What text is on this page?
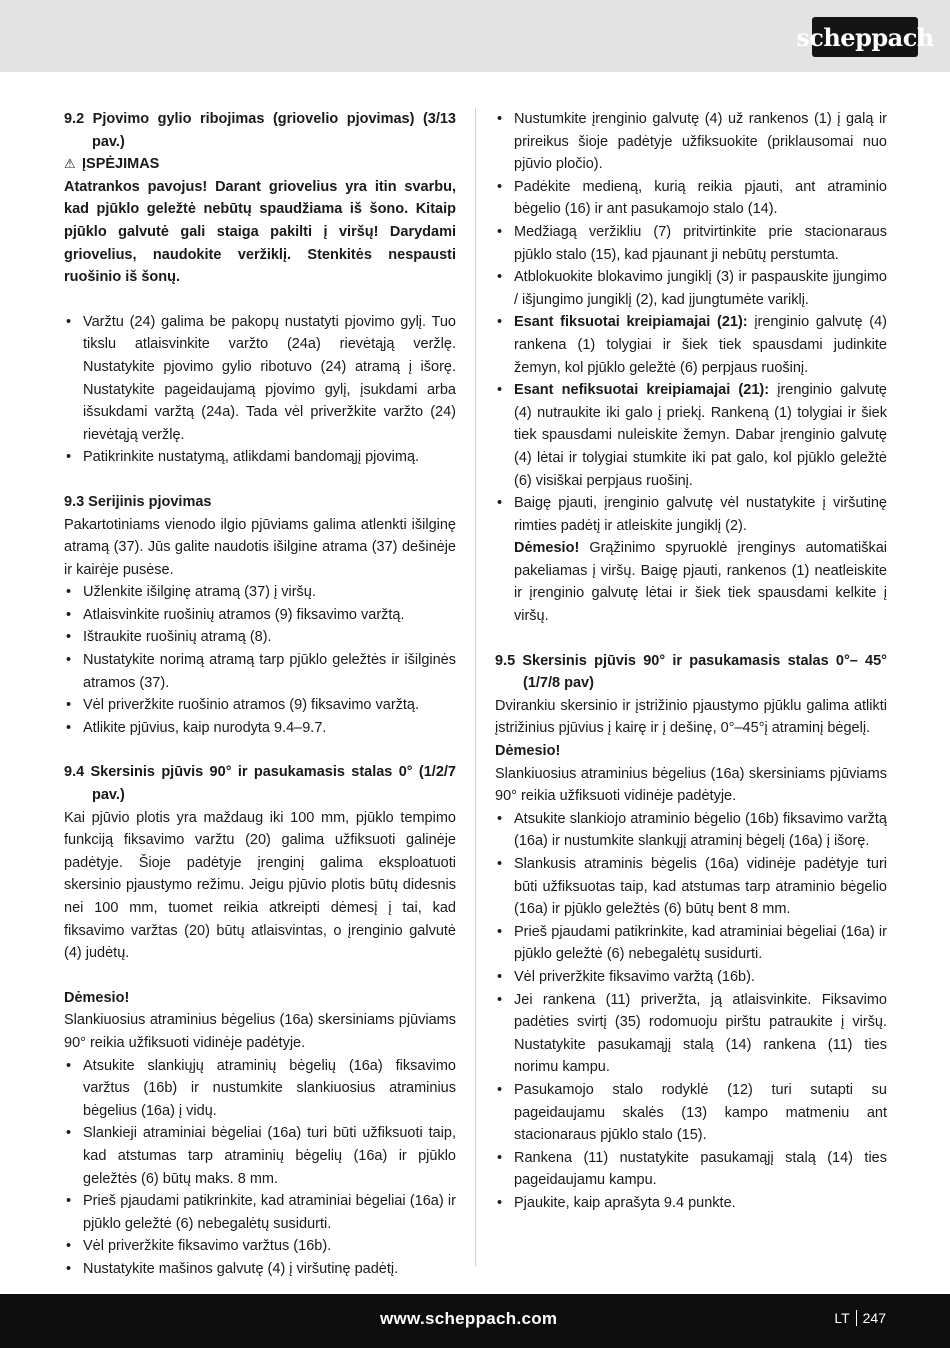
scheppach
9.2 Pjovimo gylio ribojimas (griovelio pjovimas) (3/13 pav.)

⚠ ĮSPĖJIMAS

Atatrankos pavojus! Darant griovelius yra itin svarbu, kad pjūklo geležtė nebūtų spaudžiama iš šono. Kitaip pjūklo galvutė gali staiga pakilti į viršų! Darydami griovelius, naudokite veržiklį. Stenkitės nespausti ruošinio iš šonų.

• Varžtu (24) galima be pakopų nustatyti pjovimo gylį. Tuo tikslu atlaisvinkite varžto (24a) rievėtąją veržlę. Nustatykite pjovimo gylio ribotuvo (24) atramą į išorę. Nustatykite pageidaujamą pjovimo gylį, įsukdami arba išsukdami varžtą (24a). Tada vėl priveržkite varžto (24) rievėtąją veržlę.
• Patikrinkite nustatymą, atlikdami bandomąjį pjovimą.
9.3 Serijinis pjovimas

Pakartotiniams vienodo ilgio pjūviams galima atlenkti išilginę atramą (37). Jūs galite naudotis išilgine atrama (37) dešinėje ir kairėje pusėse.

• Užlenkite išilginę atramą (37) į viršų.
• Atlaisvinkite ruošinių atramos (9) fiksavimo varžtą.
• Ištraukite ruošinių atramą (8).
• Nustatykite norimą atramą tarp pjūklo geležtės ir išilginės atramos (37).
• Vėl priveržkite ruošinio atramos (9) fiksavimo varžtą.
• Atlikite pjūvius, kaip nurodyta 9.4–9.7.
9.4 Skersinis pjūvis 90° ir pasukamasis stalas 0° (1/2/7 pav.)

Kai pjūvio plotis yra maždaug iki 100 mm, pjūklo tempimo funkciją fiksavimo varžtu (20) galima užfiksuoti galinėje padėtyje. Šioje padėtyje įrenginį galima eksploatuoti skersinio pjaustymo režimu. Jeigu pjūvio plotis būtų didesnis nei 100 mm, tuomet reikia atkreipti dėmesį į tai, kad fiksavimo varžtas (20) būtų atlaisvintas, o įrenginio galvutė (4) judėtų.

Dėmesio!

Slankiuosius atraminius bėgelius (16a) skersiniams pjūviams 90° reikia užfiksuoti vidinėje padėtyje.

• Atsukite slankiųjų atraminių bėgelių (16a) fiksavimo varžtus (16b) ir nustumkite slankiuosius atraminius bėgelius (16a) į vidų.
• Slankieji atraminiai bėgeliai (16a) turi būti užfiksuoti taip, kad atstumas tarp atraminių bėgelių (16a) ir pjūklo geležtės (6) būtų maks. 8 mm.
• Prieš pjaudami patikrinkite, kad atraminiai bėgeliai (16a) ir pjūklo geležtė (6) nebegalėtų susidurti.
• Vėl priveržkite fiksavimo varžtus (16b).
• Nustatykite mašinos galvutę (4) į viršutinę padėtį.
• Nustumkite įrenginio galvutę (4) už rankenos (1) į galą ir prireikus šioje padėtyje užfiksuokite (priklausomai nuo pjūvio pločio).
• Padėkite medieną, kurią reikia pjauti, ant atraminio bėgelio (16) ir ant pasukamojo stalo (14).
• Medžiagą veržikliu (7) pritvirtinkite prie stacionaraus pjūklo stalo (15), kad pjaunant ji nebūtų perstumta.
• Atblokuokite blokavimo jungiklį (3) ir paspauskite įjungimo / išjungimo jungiklį (2), kad įjungtumėte variklį.
• Esant fiksuotai kreipiamajai (21): įrenginio galvutę (4) rankena (1) tolygiai ir šiek tiek spausdami judinkite žemyn, kol pjūklo geležtė (6) perpjaus ruošinį.
• Esant nefiksuotai kreipiamajai (21): įrenginio galvutę (4) nutraukite iki galo į priekį. Rankeną (1) tolygiai ir šiek tiek spausdami nuleiskite žemyn. Dabar įrenginio galvutę (4) lėtai ir tolygiai stumkite iki pat galo, kol pjūklo geležtė (6) visiškai perpjaus ruošinį.
• Baigę pjauti, įrenginio galvutę vėl nustatykite į viršutinę rimties padėtį ir atleiskite jungiklį (2).
Dėmesio! Grąžinimo spyruoklė įrenginys automatiškai pakeliamas į viršų. Baigę pjauti, rankenos (1) neatleiskite ir įrenginio galvutę lėtai ir šiek tiek spausdami kelkite į viršų.
9.5 Skersinis pjūvis 90° ir pasukamasis stalas 0°– 45° (1/7/8 pav)

Dvirankiu skersinio ir įstrižinio pjaustymo pjūklu galima atlikti įstrižinius pjūvius į kairę ir į dešinę, 0°–45°į atraminį bėgelį.

Dėmesio!

Slankiuosius atraminius bėgelius (16a) skersiniams pjūviams 90° reikia užfiksuoti vidinėje padėtyje.

• Atsukite slankiojo atraminio bėgelio (16b) fiksavimo varžtą (16a) ir nustumkite slankųjį atraminį bėgelį (16a) į išorę.
• Slankusis atraminis bėgelis (16a) vidinėje padėtyje turi būti užfiksuotas taip, kad atstumas tarp atraminio bėgelio (16a) ir pjūklo geležtės (6) būtų bent 8 mm.
• Prieš pjaudami patikrinkite, kad atraminiai bėgeliai (16a) ir pjūklo geležtė (6) nebegalėtų susidurti.
• Vėl priveržkite fiksavimo varžtą (16b).
• Jei rankena (11) priveržta, ją atlaisvinkite. Fiksavimo padėties svirtį (35) rodomuoju pirštu patraukite į viršų. Nustatykite pasukamąjį stalą (14) rankena (11) ties norimu kampu.
• Pasukamojo stalo rodyklė (12) turi sutapti su pageidaujamu skalės (13) kampo matmeniu ant stacionaraus pjūklo stalo (15).
• Rankena (11) nustatykite pasukamąjį stalą (14) ties pageidaujamu kampu.
• Pjaukite, kaip aprašyta 9.4 punkte.
www.scheppach.com	LT 247
